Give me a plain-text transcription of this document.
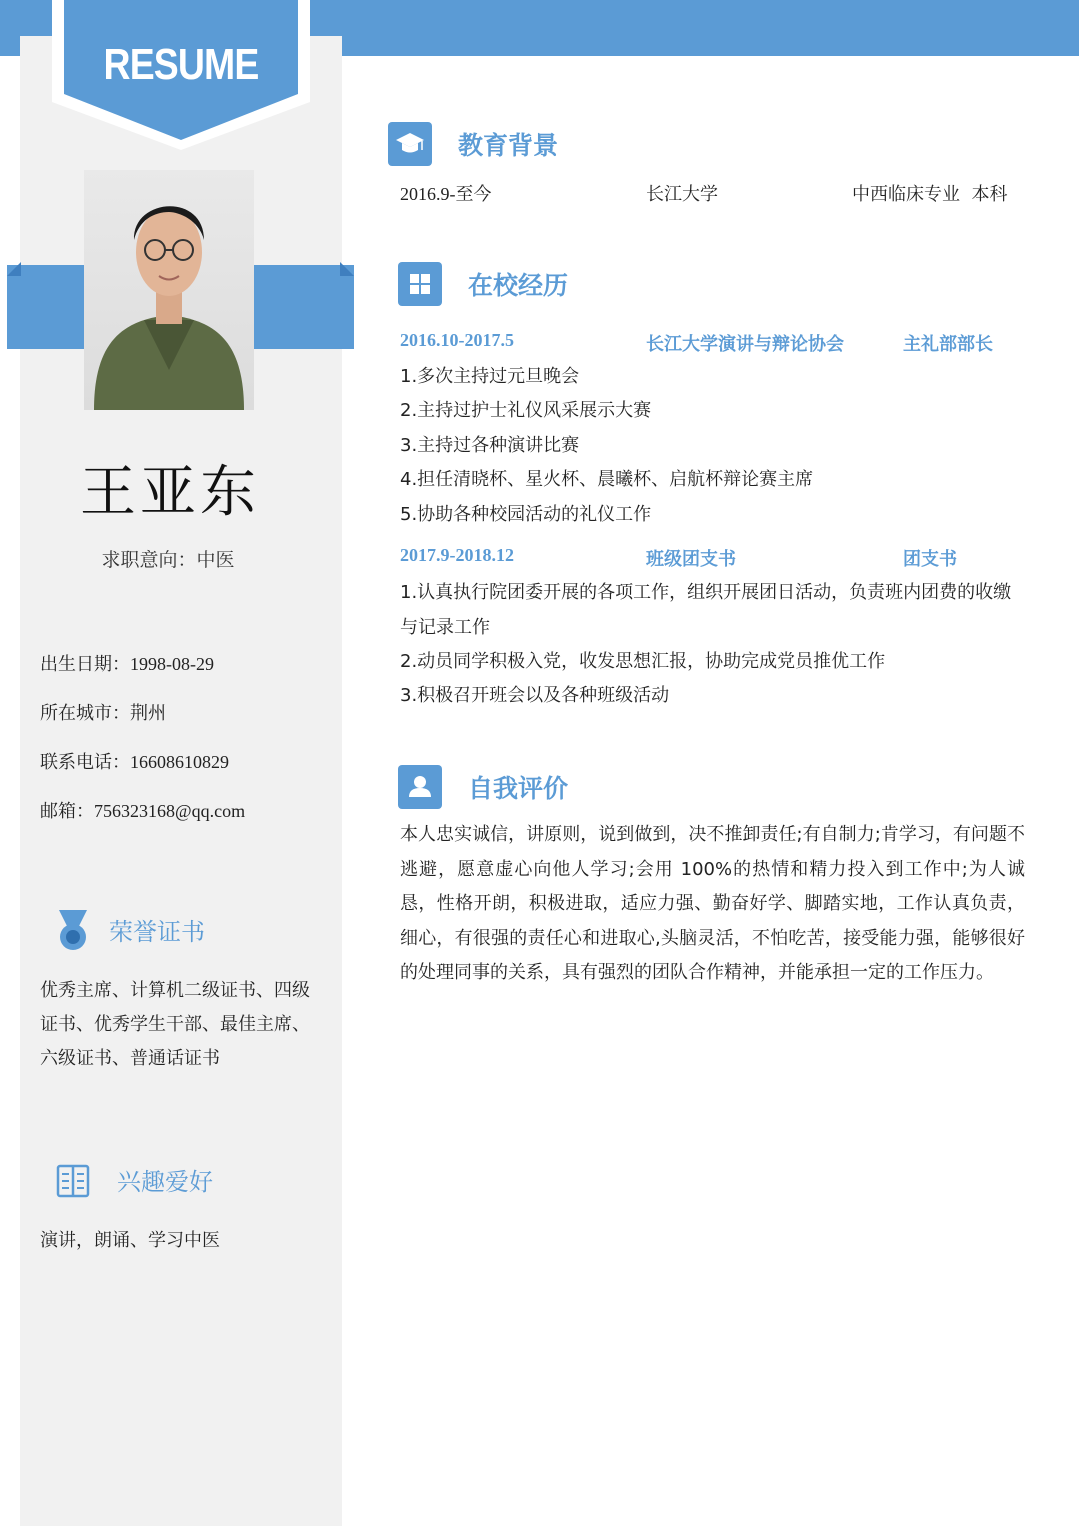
RESUME
王亚东
求职意向：中医
出生日期：1998-08-29
所在城市：荆州
联系电话：16608610829
邮箱：756323168@qq.com
荣誉证书
优秀主席、计算机二级证书、四级证书、优秀学生干部、最佳主席、六级证书、普通话证书
兴趣爱好
演讲，朗诵、学习中医
教育背景
2016.9-至今	长江大学	中西临床专业  本科
在校经历
2016.10-2017.5	长江大学演讲与辩论协会	主礼部部长
1.多次主持过元旦晚会
2.主持过护士礼仪风采展示大赛
3.主持过各种演讲比赛
4.担任清晓杯、星火杯、晨曦杯、启航杯辩论赛主席
5.协助各种校园活动的礼仪工作
2017.9-2018.12	班级团支书	团支书
1.认真执行院团委开展的各项工作，组织开展团日活动，负责班内团费的收缴与记录工作
2.动员同学积极入党，收发思想汇报，协助完成党员推优工作
3.积极召开班会以及各种班级活动
自我评价
本人忠实诚信，讲原则，说到做到，决不推卸责任;有自制力;肯学习，有问题不逃避，愿意虚心向他人学习;会用 100%的热情和精力投入到工作中;为人诚恳，性格开朗，积极进取，适应力强、勤奋好学、脚踏实地，工作认真负责，细心，有很强的责任心和进取心,头脑灵活，不怕吃苦，接受能力强，能够很好的处理同事的关系，具有强烈的团队合作精神，并能承担一定的工作压力。
